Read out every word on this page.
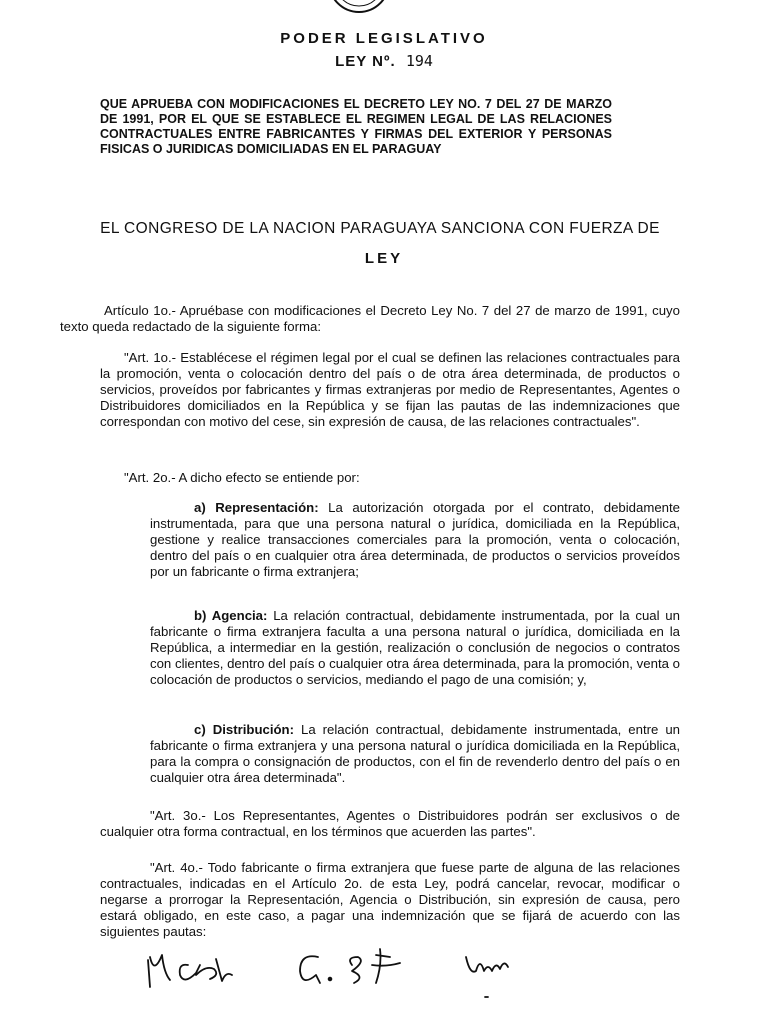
PODER LEGISLATIVO
LEY Nº. 194
QUE APRUEBA CON MODIFICACIONES EL DECRETO LEY NO. 7 DEL 27 DE MARZO DE 1991, POR EL QUE SE ESTABLECE EL REGIMEN LEGAL DE LAS RELACIONES CONTRACTUALES ENTRE FABRICANTES Y FIRMAS DEL EXTERIOR Y PERSONAS FISICAS O JURIDICAS DOMICILIADAS EN EL PARAGUAY
EL CONGRESO DE LA NACION PARAGUAYA SANCIONA CON FUERZA DE
LEY
Artículo 1o.- Apruébase con modificaciones el Decreto Ley No. 7 del 27 de marzo de 1991, cuyo texto queda redactado de la siguiente forma:
"Art. 1o.- Establécese el régimen legal por el cual se definen las relaciones contractuales para la promoción, venta o colocación dentro del país o de otra área determinada, de productos o servicios, proveídos por fabricantes y firmas extranjeras por medio de Representantes, Agentes o Distribuidores domiciliados en la República y se fijan las pautas de las indemnizaciones que correspondan con motivo del cese, sin expresión de causa, de las relaciones contractuales".
"Art. 2o.- A dicho efecto se entiende por:
a) Representación: La autorización otorgada por el contrato, debidamente instrumentada, para que una persona natural o jurídica, domiciliada en la República, gestione y realice transacciones comerciales para la promoción, venta o colocación, dentro del país o en cualquier otra área determinada, de productos o servicios proveídos por un fabricante o firma extranjera;
b) Agencia: La relación contractual, debidamente instrumentada, por la cual un fabricante o firma extranjera faculta a una persona natural o jurídica, domiciliada en la República, a intermediar en la gestión, realización o conclusión de negocios o contratos con clientes, dentro del país o cualquier otra área determinada, para la promoción, venta o colocación de productos o servicios, mediando el pago de una comisión; y,
c) Distribución: La relación contractual, debidamente instrumentada, entre un fabricante o firma extranjera y una persona natural o jurídica domiciliada en la República, para la compra o consignación de productos, con el fin de revenderlo dentro del país o en cualquier otra área determinada".
"Art. 3o.- Los Representantes, Agentes o Distribuidores podrán ser exclusivos o de cualquier otra forma contractual, en los términos que acuerden las partes".
"Art. 4o.- Todo fabricante o firma extranjera que fuese parte de alguna de las relaciones contractuales, indicadas en el Artículo 2o. de esta Ley, podrá cancelar, revocar, modificar o negarse a prorrogar la Representación, Agencia o Distribución, sin expresión de causa, pero estará obligado, en este caso, a pagar una indemnización que se fijará de acuerdo con las siguientes pautas:
